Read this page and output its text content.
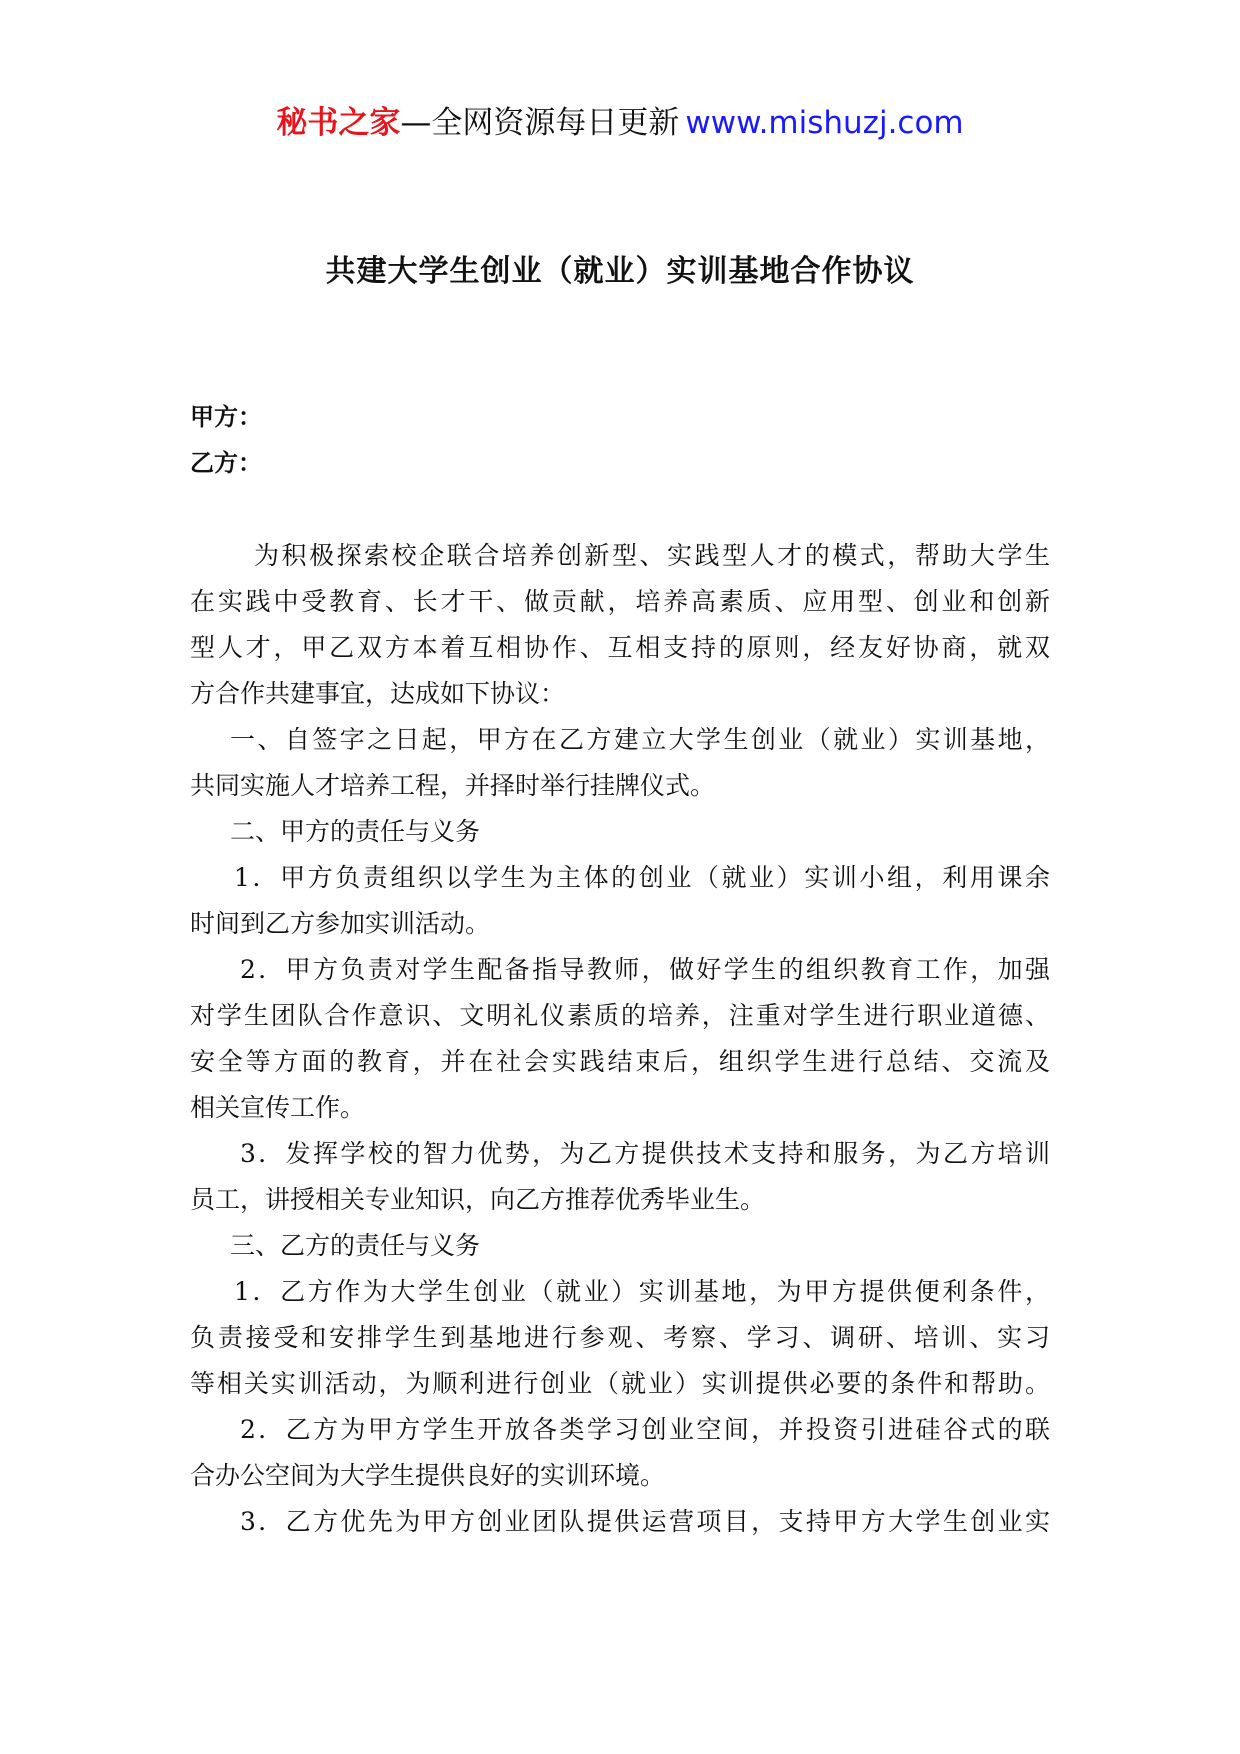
秘书之家—全网资源每日更新 www.mishuzj.com
共建大学生创业（就业）实训基地合作协议
甲方：
乙方：
为积极探索校企联合培养创新型、实践型人才的模式，帮助大学生
在实践中受教育、长才干、做贡献，培养高素质、应用型、创业和创新
型人才，甲乙双方本着互相协作、互相支持的原则，经友好协商，就双
方合作共建事宜，达成如下协议：
一、自签字之日起，甲方在乙方建立大学生创业（就业）实训基地，
共同实施人才培养工程，并择时举行挂牌仪式。
二、甲方的责任与义务
1．甲方负责组织以学生为主体的创业（就业）实训小组，利用课余
时间到乙方参加实训活动。
2．甲方负责对学生配备指导教师，做好学生的组织教育工作，加强
对学生团队合作意识、文明礼仪素质的培养，注重对学生进行职业道德、
安全等方面的教育，并在社会实践结束后，组织学生进行总结、交流及
相关宣传工作。
3．发挥学校的智力优势，为乙方提供技术支持和服务，为乙方培训
员工，讲授相关专业知识，向乙方推荐优秀毕业生。
三、乙方的责任与义务
1．乙方作为大学生创业（就业）实训基地，为甲方提供便利条件，
负责接受和安排学生到基地进行参观、考察、学习、调研、培训、实习
等相关实训活动，为顺利进行创业（就业）实训提供必要的条件和帮助。
2．乙方为甲方学生开放各类学习创业空间，并投资引进硅谷式的联
合办公空间为大学生提供良好的实训环境。
3．乙方优先为甲方创业团队提供运营项目，支持甲方大学生创业实
